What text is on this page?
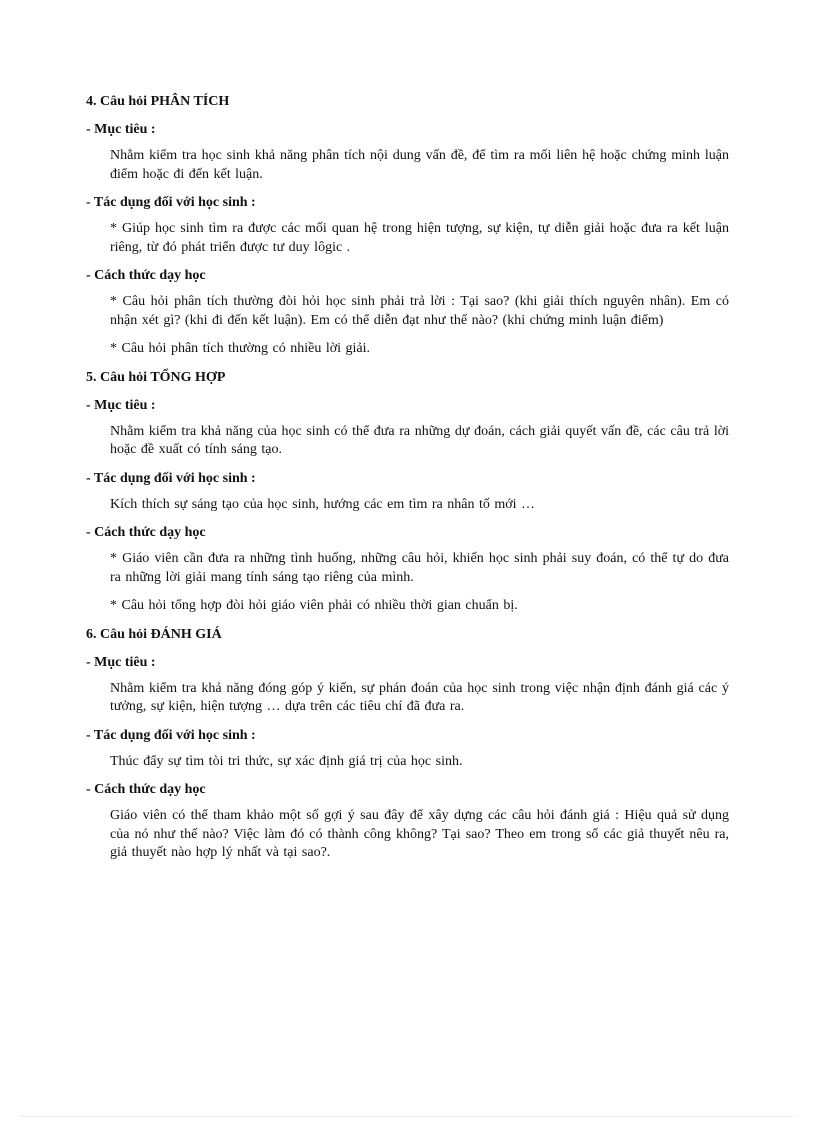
4. Câu hỏi PHÂN TÍCH
- Mục tiêu :

Nhằm kiểm tra học sinh khả năng phân tích nội dung vấn đề, để tìm ra mối liên hệ hoặc chứng minh luận điểm hoặc đi đến kết luận.

- Tác dụng đối với học sinh :

* Giúp học sinh tìm ra được các mối quan hệ trong hiện tượng, sự kiện, tự diễn giải hoặc đưa ra kết luận riêng, từ đó phát triển được tư duy lôgic .

- Cách thức dạy học

* Câu hỏi phân tích thường đòi hỏi học sinh phải trả lời : Tại sao? (khi giải thích nguyên nhân). Em có nhận xét gì? (khi đi đến kết luận). Em có thể diễn đạt như thế nào? (khi chứng minh luận điểm)

* Câu hỏi phân tích thường có nhiều lời giải.

5. Câu hỏi TỔNG HỢP
- Mục tiêu :

Nhằm kiểm tra khả năng của học sinh có thể đưa ra những dự đoán, cách giải quyết vấn đề, các câu trả lời hoặc đề xuất có tính sáng tạo.

- Tác dụng đối với học sinh :

Kích thích sự sáng tạo của học sinh, hướng các em tìm ra nhân tố mới …

- Cách thức dạy học

* Giáo viên cần đưa ra những tình huống, những câu hỏi, khiến học sinh phải suy đoán, có thể tự do đưa ra những lời giải mang tính sáng tạo riêng của mình.

* Câu hỏi tổng hợp đòi hỏi giáo viên phải có nhiều thời gian chuẩn bị.

6. Câu hỏi ĐÁNH GIÁ
- Mục tiêu :

Nhằm kiểm tra khả năng đóng góp ý kiến, sự phán đoán của học sinh trong việc nhận định đánh giá các ý tưởng, sự kiện, hiện tượng … dựa trên các tiêu chí đã đưa ra.

- Tác dụng đối với học sinh :

Thúc đẩy sự tìm tòi tri thức, sự xác định giá trị của học sinh.

- Cách thức dạy học

Giáo viên có thể tham khảo một số gợi ý sau đây để xây dựng các câu hỏi đánh giá : Hiệu quả sử dụng của nó như thế nào? Việc làm đó có thành công không? Tại sao? Theo em trong số các giả thuyết nêu ra, giả thuyết nào hợp lý nhất và tại sao?.
